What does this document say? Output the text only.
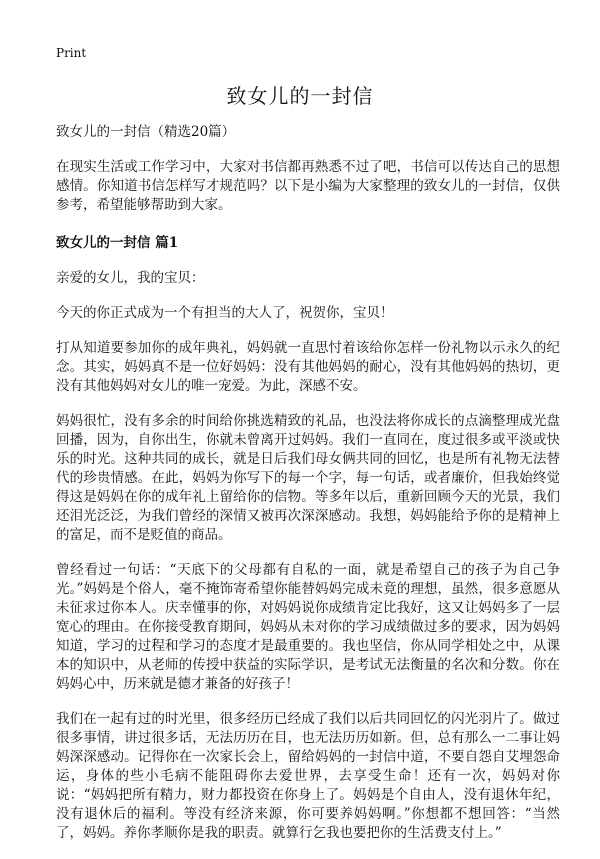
Print
致女儿的一封信
致女儿的一封信（精选20篇）

在现实生活或工作学习中，大家对书信都再熟悉不过了吧，书信可以传达自己的思想感情。你知道书信怎样写才规范吗？以下是小编为大家整理的致女儿的一封信，仅供参考，希望能够帮助到大家。

致女儿的一封信 篇1

亲爱的女儿，我的宝贝：

今天的你正式成为一个有担当的大人了，祝贺你，宝贝！

打从知道要参加你的成年典礼，妈妈就一直思忖着该给你怎样一份礼物以示永久的纪念。其实，妈妈真不是一位好妈妈：没有其他妈妈的耐心，没有其他妈妈的热切，更没有其他妈妈对女儿的唯一宠爱。为此，深感不安。

妈妈很忙，没有多余的时间给你挑选精致的礼品，也没法将你成长的点滴整理成光盘回播，因为，自你出生，你就未曾离开过妈妈。我们一直同在，度过很多或平淡或快乐的时光。这种共同的成长，就是日后我们母女俩共同的回忆，也是所有礼物无法替代的珍贵情感。在此，妈妈为你写下的每一个字，每一句话，或者廉价，但我始终觉得这是妈妈在你的成年礼上留给你的信物。等多年以后，重新回顾今天的光景，我们还泪光泛泛，为我们曾经的深情又被再次深深感动。我想，妈妈能给予你的是精神上的富足，而不是贬值的商品。

曾经看过一句话：“天底下的父母都有自私的一面，就是希望自己的孩子为自己争光。”妈妈是个俗人，毫不掩饰寄希望你能替妈妈完成未竟的理想，虽然，很多意愿从未征求过你本人。庆幸懂事的你，对妈妈说你成绩肯定比我好，这又让妈妈多了一层宽心的理由。在你接受教育期间，妈妈从未对你的学习成绩做过多的要求，因为妈妈知道，学习的过程和学习的态度才是最重要的。我也坚信，你从同学相处之中，从课本的知识中，从老师的传授中获益的实际学识，是考试无法衡量的名次和分数。你在妈妈心中，历来就是德才兼备的好孩子！

我们在一起有过的时光里，很多经历已经成了我们以后共同回忆的闪光羽片了。做过很多事情，讲过很多话，无法历历在目，也无法历历如新。但，总有那么一二事让妈妈深深感动。记得你在一次家长会上，留给妈妈的一封信中道，不要自怨自艾埋怨命运，身体的些小毛病不能阻碍你去爱世界，去享受生命！还有一次，妈妈对你说：“妈妈把所有精力，财力都投资在你身上了。妈妈是个自由人，没有退休年纪，没有退休后的福利。等没有经济来源，你可要养妈妈啊。”你想都不想回答：“当然了，妈妈。养你孝顺你是我的职责。就算行乞我也要把你的生活费支付上。”
